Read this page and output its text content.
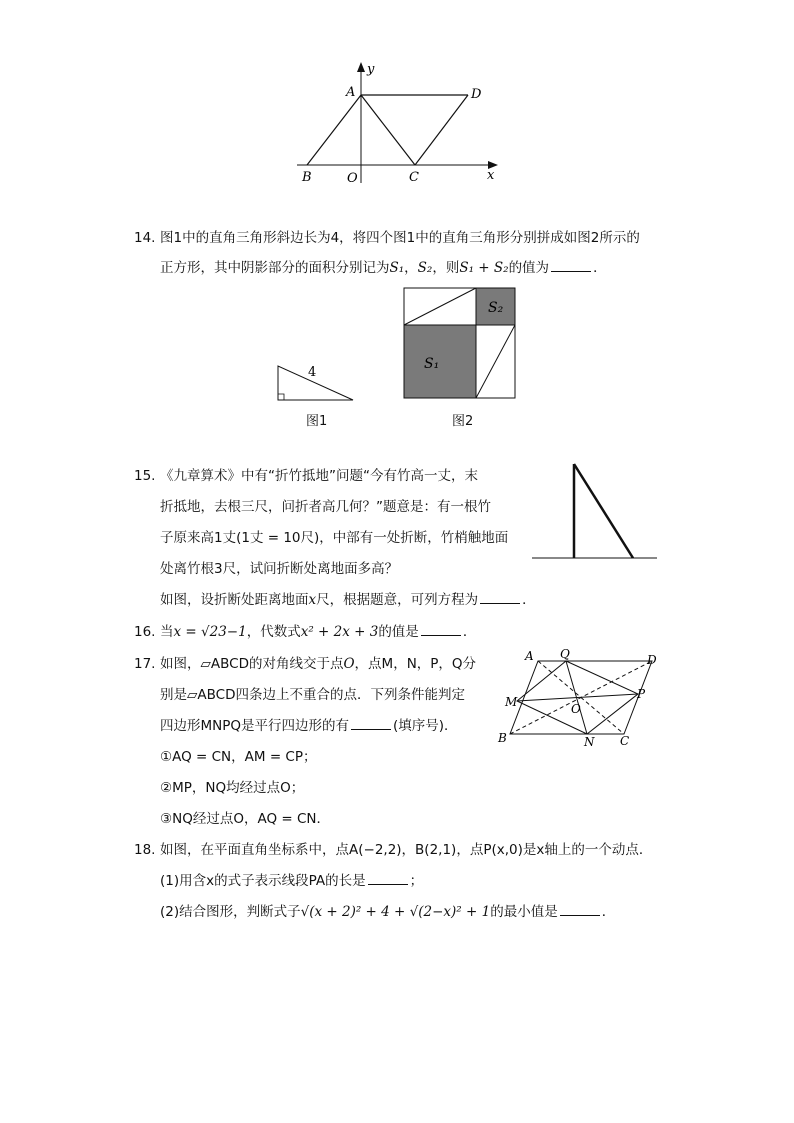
y
A	D
B	O	C	x
14. 图1中的直角三角形斜边长为4，将四个图1中的直角三角形分别拼成如图2所示的
正方形，其中阴影部分的面积分别记为S₁，S₂，则S₁ + S₂的值为	．
4
图1
S₂
S₁
图2
15. 《九章算术》中有“折竹抵地”问题“今有竹高一丈，末
折抵地，去根三尺，问折者高几何？”题意是：有一根竹
子原来高1丈(1丈 = 10尺)，中部有一处折断，竹梢触地面
处离竹根3尺，试问折断处离地面多高？
如图，设折断处距离地面x尺，根据题意，可列方程为	．
16. 当x = √23−1，代数式x² + 2x + 3的值是	．
17. 如图，▱ABCD的对角线交于点O，点M，N，P，Q分
别是▱ABCD四条边上不重合的点．下列条件能判定
四边形MNPQ是平行四边形的有	(填序号)．
①AQ = CN，AM = CP；
②MP，NQ均经过点O；
③NQ经过点O，AQ = CN．
A Q	D
M
P
O
B	N C
18. 如图，在平面直角坐标系中，点A(−2,2)，B(2,1)，点P(x,0)是x轴上的一个动点．
(1)用含x的式子表示线段PA的长是	；
(2)结合图形，判断式子√(x + 2)² + 4 + √(2−x)² + 1的最小值是	．
